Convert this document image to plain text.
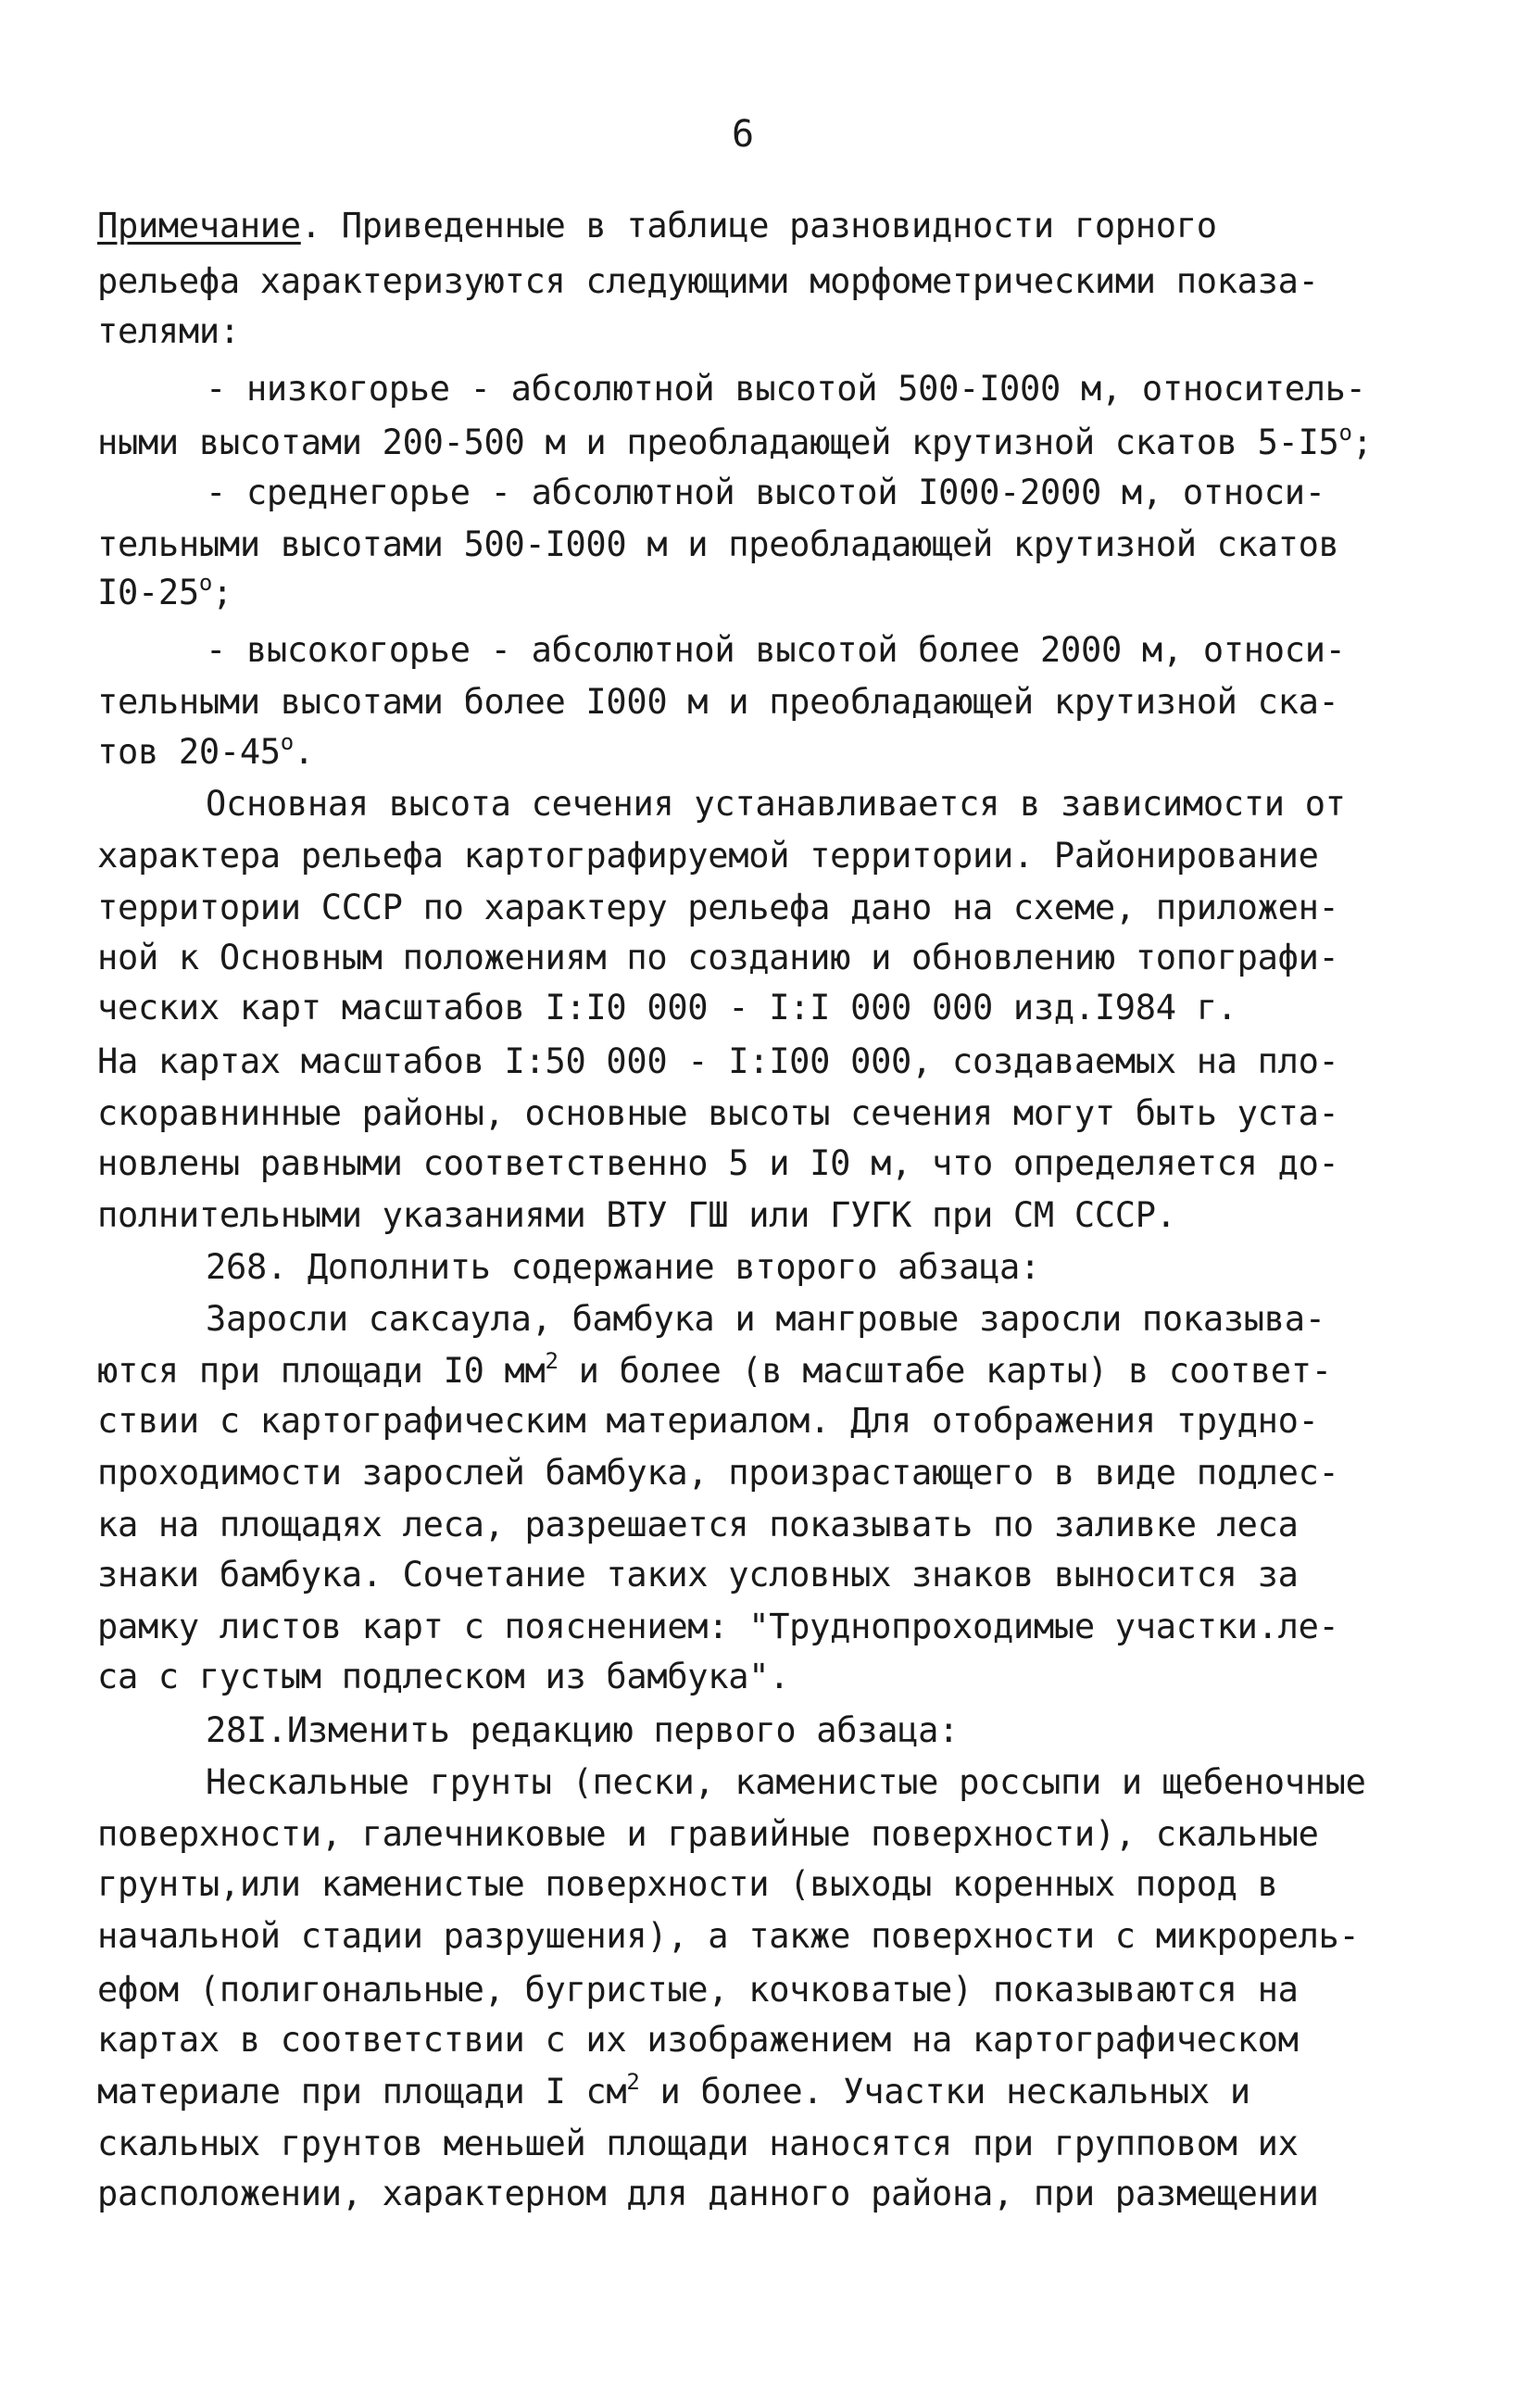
6
Примечание. Приведенные в таблице разновидности горного
рельефа характеризуются следующими морфометрическими показа-
телями:
- низкогорье - абсолютной высотой 500-I000 м, относитель-
ными высотами 200-500 м и преобладающей крутизной скатов $5-I5^о$;
- среднегорье - абсолютной высотой I000-2000 м, относи-
тельными высотами 500-I000 м и преобладающей крутизной скатов
$I0-25^о$;
- высокогорье - абсолютной высотой более 2000 м, относи-
тельными высотами более I000 м и преобладающей крутизной ска-
тов $20-45^о$.
Основная высота сечения устанавливается в зависимости от
характера рельефа картографируемой территории. Районирование
территории СССР по характеру рельефа дано на схеме, приложен-
ной к Основным положениям по созданию и обновлению топографи-
ческих карт масштабов I:I0 000 - I:I 000 000 изд.I984 г.
На картах масштабов I:50 000 - I:I00 000, создаваемых на пло-
скоравнинные районы, основные высоты сечения могут быть уста-
новлены равными соответственно 5 и I0 м, что определяется до-
полнительными указаниями ВТУ ГШ или ГУГК при СМ СССР.
268. Дополнить содержание второго абзаца:
Заросли саксаула, бамбука и мангровые заросли показыва-
ются при площади I0 $мм^2$ и более (в масштабе карты) в соответ-
ствии с картографическим материалом. Для отображения трудно-
проходимости зарослей бамбука, произрастающего в виде подлес-
ка на площадях леса, разрешается показывать по заливке леса
знаки бамбука. Сочетание таких условных знаков выносится за
рамку листов карт с пояснением: "Труднопроходимые участки.ле-
са с густым подлеском из бамбука".
28I.Изменить редакцию первого абзаца:
Нескальные грунты (пески, каменистые россыпи и щебеночные
поверхности, галечниковые и гравийные поверхности), скальные
грунты,или каменистые поверхности (выходы коренных пород в
начальной стадии разрушения), а также поверхности с микрорель-
ефом (полигональные, бугристые, кочковатые) показываются на
картах в соответствии с их изображением на картографическом
материале при площади I $см^2$ и более. Участки нескальных и
скальных грунтов меньшей площади наносятся при групповом их
расположении, характерном для данного района, при размещении
